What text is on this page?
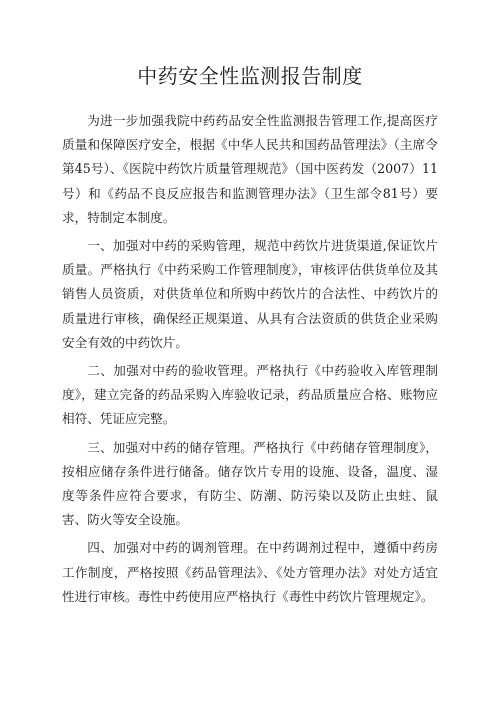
中药安全性监测报告制度

为进一步加强我院中药药品安全性监测报告管理工作,提高医疗质量和保障医疗安全，根据《中华人民共和国药品管理法》（主席令第45号）、《医院中药饮片质量管理规范》（国中医药发（2007）11号）和《药品不良反应报告和监测管理办法》（卫生部令81号）要求，特制定本制度。

一、加强对中药的采购管理，规范中药饮片进货渠道,保证饮片质量。严格执行《中药采购工作管理制度》，审核评估供货单位及其销售人员资质，对供货单位和所购中药饮片的合法性、中药饮片的质量进行审核，确保经正规渠道、从具有合法资质的供货企业采购安全有效的中药饮片。

二、加强对中药的验收管理。严格执行《中药验收入库管理制度》，建立完备的药品采购入库验收记录，药品质量应合格、账物应相符、凭证应完整。

三、加强对中药的储存管理。严格执行《中药储存管理制度》，按相应储存条件进行储备。储存饮片专用的设施、设备，温度、湿度等条件应符合要求，有防尘、防潮、防污染以及防止虫蛀、鼠害、防火等安全设施。

四、加强对中药的调剂管理。在中药调剂过程中，遵循中药房工作制度，严格按照《药品管理法》、《处方管理办法》对处方适宜性进行审核。毒性中药使用应严格执行《毒性中药饮片管理规定》。
